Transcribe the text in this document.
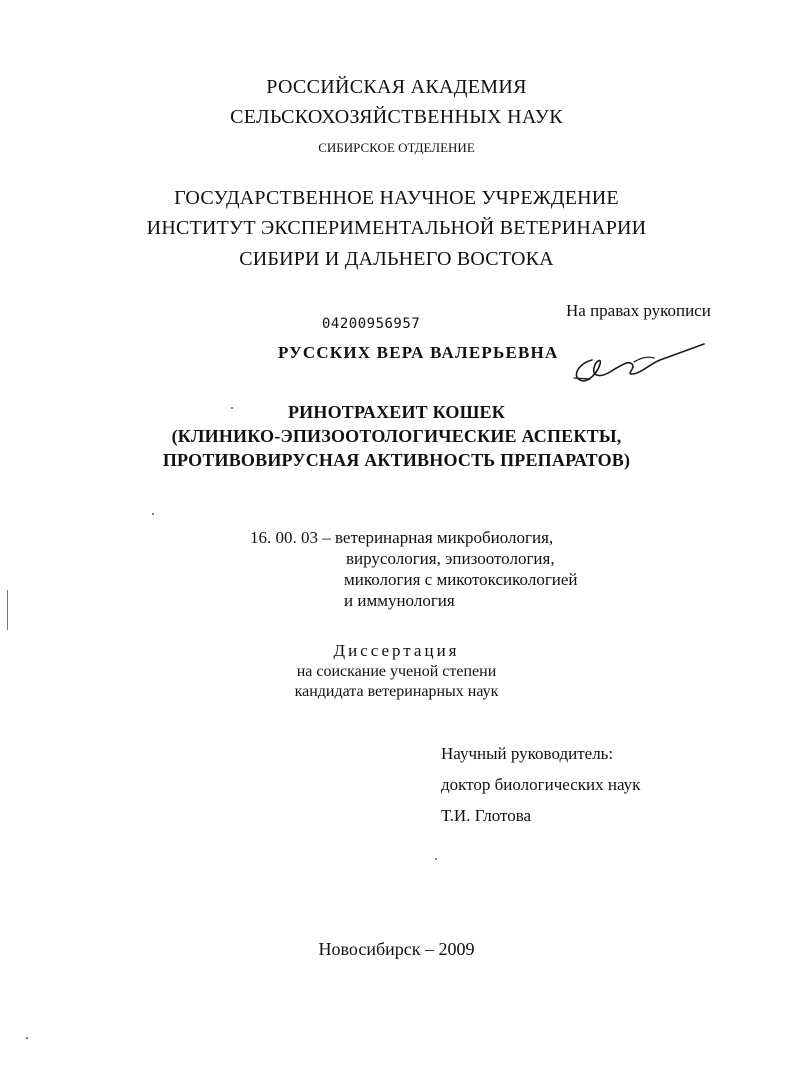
РОССИЙСКАЯ АКАДЕМИЯ
СЕЛЬСКОХОЗЯЙСТВЕННЫХ НАУК
СИБИРСКОЕ ОТДЕЛЕНИЕ
ГОСУДАРСТВЕННОЕ НАУЧНОЕ УЧРЕЖДЕНИЕ
ИНСТИТУТ ЭКСПЕРИМЕНТАЛЬНОЙ ВЕТЕРИНАРИИ
СИБИРИ И ДАЛЬНЕГО ВОСТОКА
На правах рукописи
04200956957
РУССКИХ ВЕРА ВАЛЕРЬЕВНА
РИНОТРАХЕИТ КОШЕК
(КЛИНИКО-ЭПИЗООТОЛОГИЧЕСКИЕ АСПЕКТЫ,
ПРОТИВОВИРУСНАЯ АКТИВНОСТЬ ПРЕПАРАТОВ)
16. 00. 03 – ветеринарная микробиология,
вирусология, эпизоотология,
микология с микотоксикологией
и иммунология
Диссертация
на соискание ученой степени
кандидата ветеринарных наук
Научный руководитель:
доктор биологических наук
Т.И. Глотова
Новосибирск – 2009
